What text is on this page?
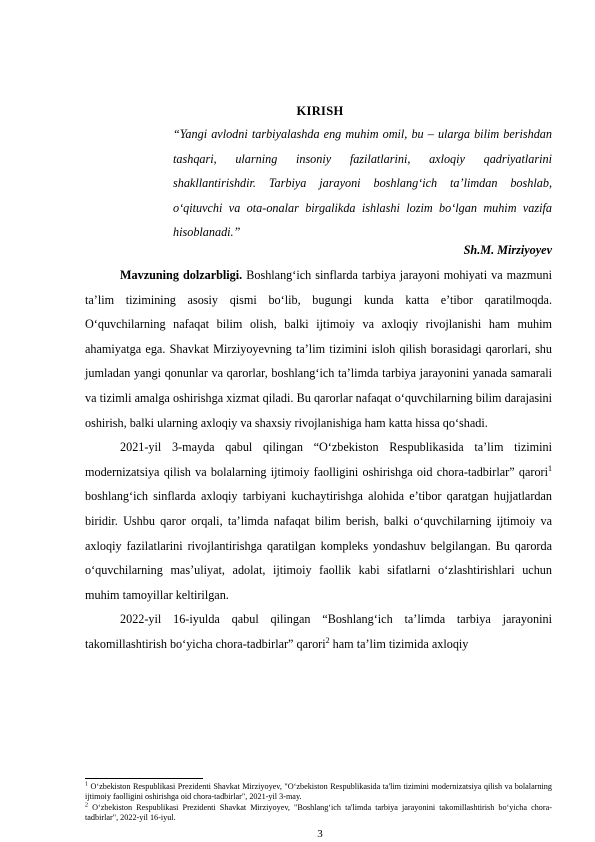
KIRISH
“Yangi avlodni tarbiyalashda eng muhim omil, bu – ularga bilim berishdan tashqari, ularning insoniy fazilatlarini, axloqiy qadriyatlarini shakllantirishdir. Tarbiya jarayoni boshlang‘ich ta’limdan boshlab, o‘qituvchi va ota-onalar birgalikda ishlashi lozim bo‘lgan muhim vazifa hisoblanadi.”
Sh.M. Mirziyoyev

Mavzuning dolzarbligi. Boshlang‘ich sinflarda tarbiya jarayoni mohiyati va mazmuni ta’lim tizimining asosiy qismi bo‘lib, bugungi kunda katta e’tibor qaratilmoqda. O‘quvchilarning nafaqat bilim olish, balki ijtimoiy va axloqiy rivojlanishi ham muhim ahamiyatga ega. Shavkat Mirziyoyevning ta’lim tizimini isloh qilish borasidagi qarorlari, shu jumladan yangi qonunlar va qarorlar, boshlang‘ich ta’limda tarbiya jarayonini yanada samarali va tizimli amalga oshirishga xizmat qiladi. Bu qarorlar nafaqat o‘quvchilarning bilim darajasini oshirish, balki ularning axloqiy va shaxsiy rivojlanishiga ham katta hissa qo‘shadi.

2021-yil 3-mayda qabul qilingan “O‘zbekiston Respublikasida ta’lim tizimini modernizatsiya qilish va bolalarning ijtimoiy faolligini oshirishga oid chora-tadbirlar” qarori$^1$ boshlang‘ich sinflarda axloqiy tarbiyani kuchaytirishga alohida e’tibor qaratgan hujjatlardan biridir. Ushbu qaror orqali, ta’limda nafaqat bilim berish, balki o‘quvchilarning ijtimoiy va axloqiy fazilatlarini rivojlantirishga qaratilgan kompleks yondashuv belgilangan. Bu qarorda o‘quvchilarning mas’uliyat, adolat, ijtimoiy faollik kabi sifatlarni o‘zlashtirishlari uchun muhim tamoyillar keltirilgan.

2022-yil 16-iyulda qabul qilingan “Boshlang‘ich ta’limda tarbiya jarayonini takomillashtirish bo‘yicha chora-tadbirlar” qarori$^2$ ham ta’lim tizimida axloqiy

$^1$ O‘zbekiston Respublikasi Prezidenti Shavkat Mirziyoyev, "O‘zbekiston Respublikasida ta'lim tizimini modernizatsiya qilish va bolalarning ijtimoiy faolligini oshirishga oid chora-tadbirlar", 2021-yil 3-may.

$^2$ O‘zbekiston Respublikasi Prezidenti Shavkat Mirziyoyev, "Boshlang‘ich ta'limda tarbiya jarayonini takomillashtirish bo‘yicha chora-tadbirlar", 2022-yil 16-iyul.

3
